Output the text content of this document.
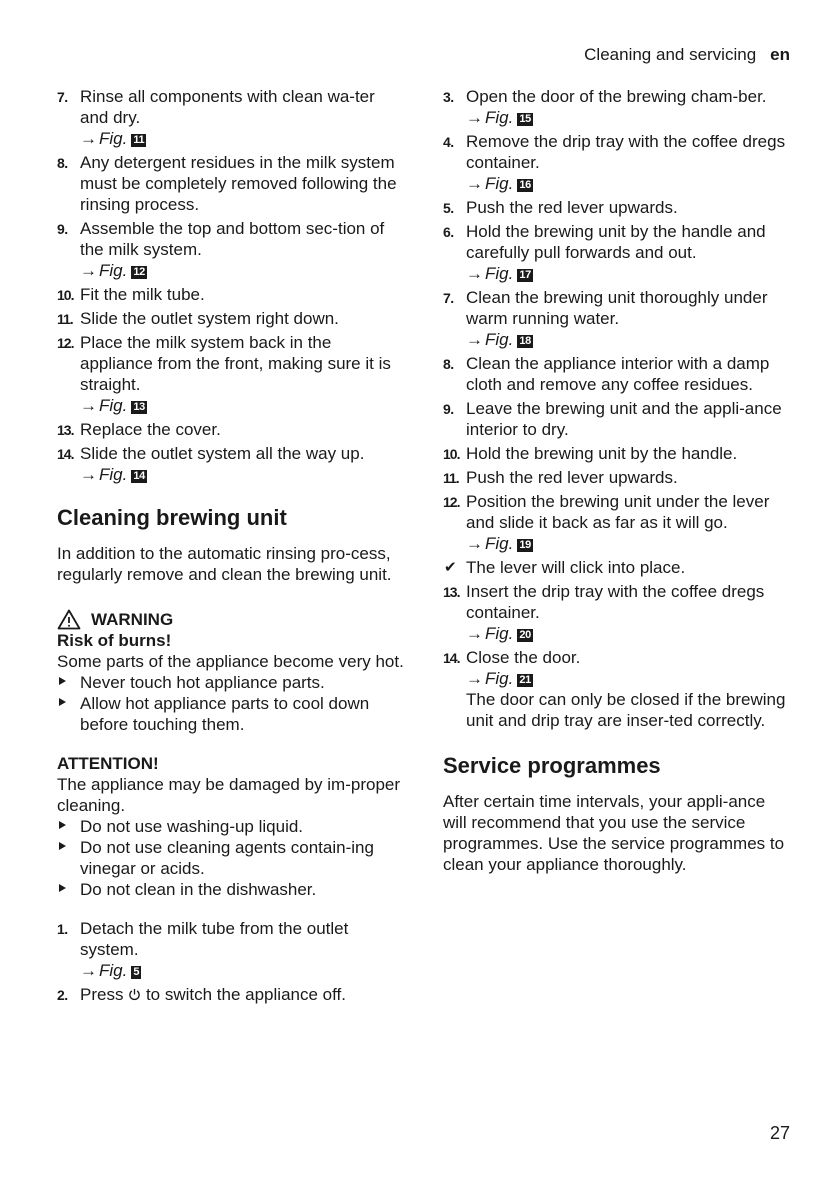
Cleaning and servicing en
7. Rinse all components with clean wa-ter and dry.
→ Fig. 11
8. Any detergent residues in the milk system must be completely removed following the rinsing process.
9. Assemble the top and bottom sec-tion of the milk system.
→ Fig. 12
10. Fit the milk tube.
11. Slide the outlet system right down.
12. Place the milk system back in the appliance from the front, making sure it is straight.
→ Fig. 13
13. Replace the cover.
14. Slide the outlet system all the way up.
→ Fig. 14
Cleaning brewing unit

In addition to the automatic rinsing pro-cess, regularly remove and clean the brewing unit.

WARNING

Risk of burns!

Some parts of the appliance become very hot.

Never touch hot appliance parts.
Allow hot appliance parts to cool down before touching them.

ATTENTION!

The appliance may be damaged by im-proper cleaning.

Do not use washing-up liquid.
Do not use cleaning agents contain-ing vinegar or acids.
Do not clean in the dishwasher.
1. Detach the milk tube from the outlet system.
→ Fig. 5
2. Press to switch the appliance off.
3. Open the door of the brewing cham-ber.
→ Fig. 15
4. Remove the drip tray with the coffee dregs container.
→ Fig. 16
5. Push the red lever upwards.
6. Hold the brewing unit by the handle and carefully pull forwards and out.
→ Fig. 17
7. Clean the brewing unit thoroughly under warm running water.
→ Fig. 18
8. Clean the appliance interior with a damp cloth and remove any coffee residues.
9. Leave the brewing unit and the appli-ance interior to dry.
10. Hold the brewing unit by the handle.
11. Push the red lever upwards.
12. Position the brewing unit under the lever and slide it back as far as it will go.
→ Fig. 19
✔ The lever will click into place.
13. Insert the drip tray with the coffee dregs container.
→ Fig. 20
14. Close the door.
→ Fig. 21
The door can only be closed if the brewing unit and drip tray are inser-ted correctly.
Service programmes

After certain time intervals, your appli-ance will recommend that you use the service programmes. Use the service programmes to clean your appliance thoroughly.

27
